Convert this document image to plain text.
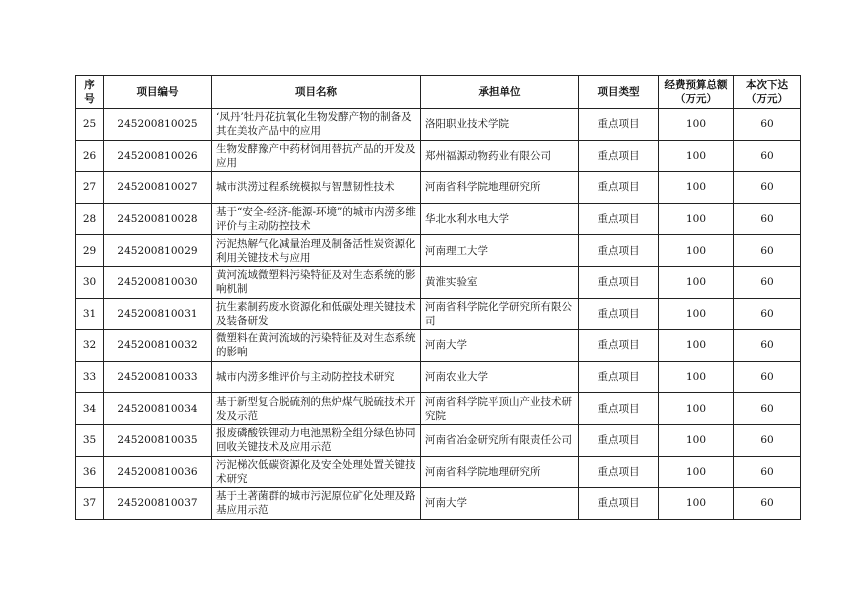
序号	项目编号	项目名称	承担单位	项目类型	经费预算总额（万元）	本次下达（万元）
25	245200810025	‘凤丹’牡丹花抗氧化生物发酵产物的制备及其在美妆产品中的应用	洛阳职业技术学院	重点项目	100	60
26	245200810026	生物发酵豫产中药材饲用替抗产品的开发及应用	郑州福源动物药业有限公司	重点项目	100	60
27	245200810027	城市洪涝过程系统模拟与智慧韧性技术	河南省科学院地理研究所	重点项目	100	60
28	245200810028	基于“安全-经济-能源-环境”的城市内涝多维评价与主动防控技术	华北水利水电大学	重点项目	100	60
29	245200810029	污泥热解气化减量治理及制备活性炭资源化利用关键技术与应用	河南理工大学	重点项目	100	60
30	245200810030	黄河流域微塑料污染特征及对生态系统的影响机制	黄淮实验室	重点项目	100	60
31	245200810031	抗生素制药废水资源化和低碳处理关键技术及装备研发	河南省科学院化学研究所有限公司	重点项目	100	60
32	245200810032	微塑料在黄河流域的污染特征及对生态系统的影响	河南大学	重点项目	100	60
33	245200810033	城市内涝多维评价与主动防控技术研究	河南农业大学	重点项目	100	60
34	245200810034	基于新型复合脱硫剂的焦炉煤气脱硫技术开发及示范	河南省科学院平顶山产业技术研究院	重点项目	100	60
35	245200810035	报废磷酸铁锂动力电池黑粉全组分绿色协同回收关键技术及应用示范	河南省冶金研究所有限责任公司	重点项目	100	60
36	245200810036	污泥梯次低碳资源化及安全处理处置关键技术研究	河南省科学院地理研究所	重点项目	100	60
37	245200810037	基于土著菌群的城市污泥原位矿化处理及路基应用示范	河南大学	重点项目	100	60
